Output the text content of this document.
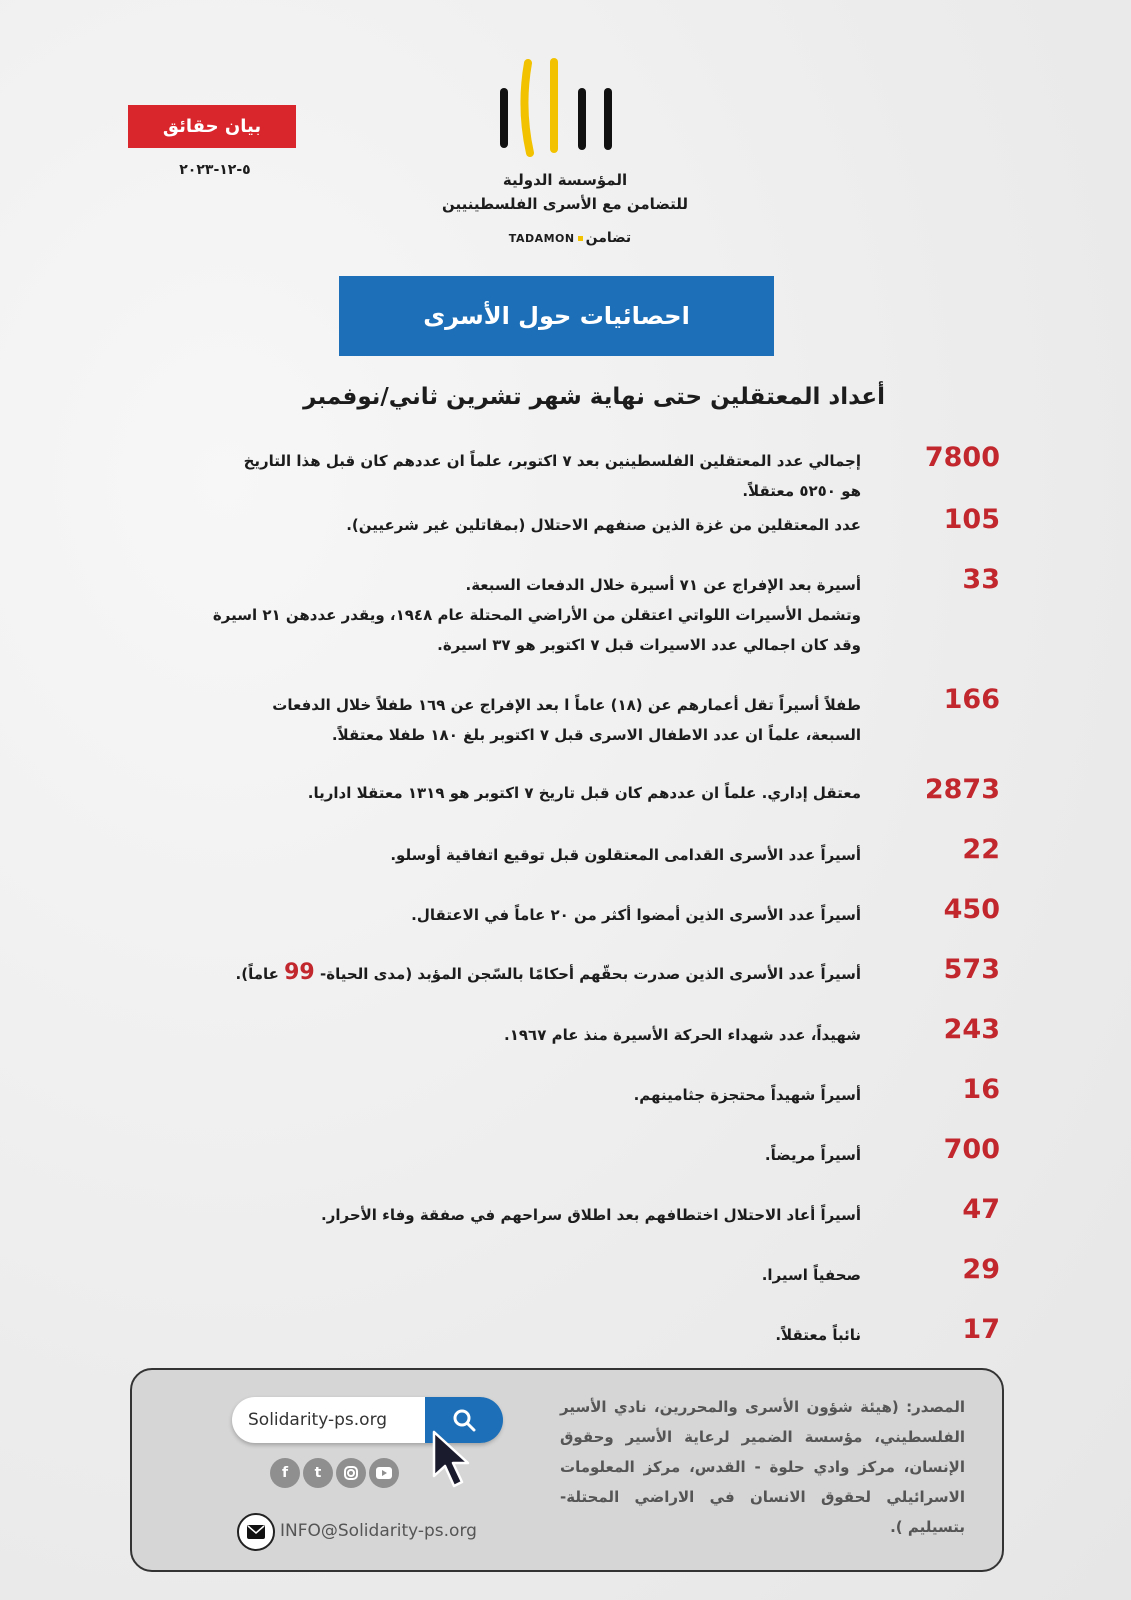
المؤسسة الدولية
للتضامن مع الأسرى الفلسطينيين
TADAMON تضامن
بيان حقائق
٥-١٢-٢٠٢٣
احصائيات حول الأسرى
أعداد المعتقلين حتى نهاية شهر تشرين ثاني/نوفمبر
7800
إجمالي عدد المعتقلين الفلسطينين بعد ٧ اكتوبر، علماً ان عددهم كان قبل هذا التاريخ
هو ٥٢٥٠ معتقلاً.
105
عدد المعتقلين من غزة الذين صنفهم الاحتلال (بمقاتلين غير شرعيين).
33
أسيرة بعد الإفراج عن ٧١ أسيرة خلال الدفعات السبعة.
وتشمل الأسيرات اللواتي اعتقلن من الأراضي المحتلة عام ١٩٤٨، ويقدر عددهن ٢١ اسيرة
وقد كان اجمالي عدد الاسيرات قبل ٧ اكتوبر هو ٣٧ اسيرة.
166
طفلاً أسيراً تقل أعمارهم عن (١٨) عاماً ا بعد الإفراج عن ١٦٩ طفلاً خلال الدفعات
السبعة، علماً ان عدد الاطفال الاسرى قبل ٧ اكتوبر بلغ ١٨٠ طفلا معتقلاً.
2873
معتقل إداري. علماً ان عددهم كان قبل تاريخ ٧ اكتوبر هو ١٣١٩ معتقلا اداريا.
22
أسيراً عدد الأسرى القدامى المعتقلون قبل توقيع اتفاقية أوسلو.
450
أسيراً عدد الأسرى الذين أمضوا أكثر من ٢٠ عاماً في الاعتقال.
573
أسيراً عدد الأسرى الذين صدرت بحقّهم أحكامًا بالسّجن المؤبد (مدى الحياة- 99 عاماً).
243
شهيداً، عدد شهداء الحركة الأسيرة منذ عام ١٩٦٧.
16
أسيراً شهيداً محتجزة جثامينهم.
700
أسيراً مريضاً.
47
أسيراً أعاد الاحتلال اختطافهم بعد اطلاق سراحهم في صفقة وفاء الأحرار.
29
صحفياً اسيرا.
17
نائباً معتقلاً.
المصدر: (هيئة شؤون الأسرى والمحررين، نادي الأسير الفلسطيني، مؤسسة الضمير لرعاية الأسير وحقوق الإنسان، مركز وادي حلوة - القدس، مركز المعلومات الاسرائيلي لحقوق الانسان في الاراضي المحتلة- بتسيليم ).
Solidarity-ps.org
f	t
INFO@Solidarity-ps.org
